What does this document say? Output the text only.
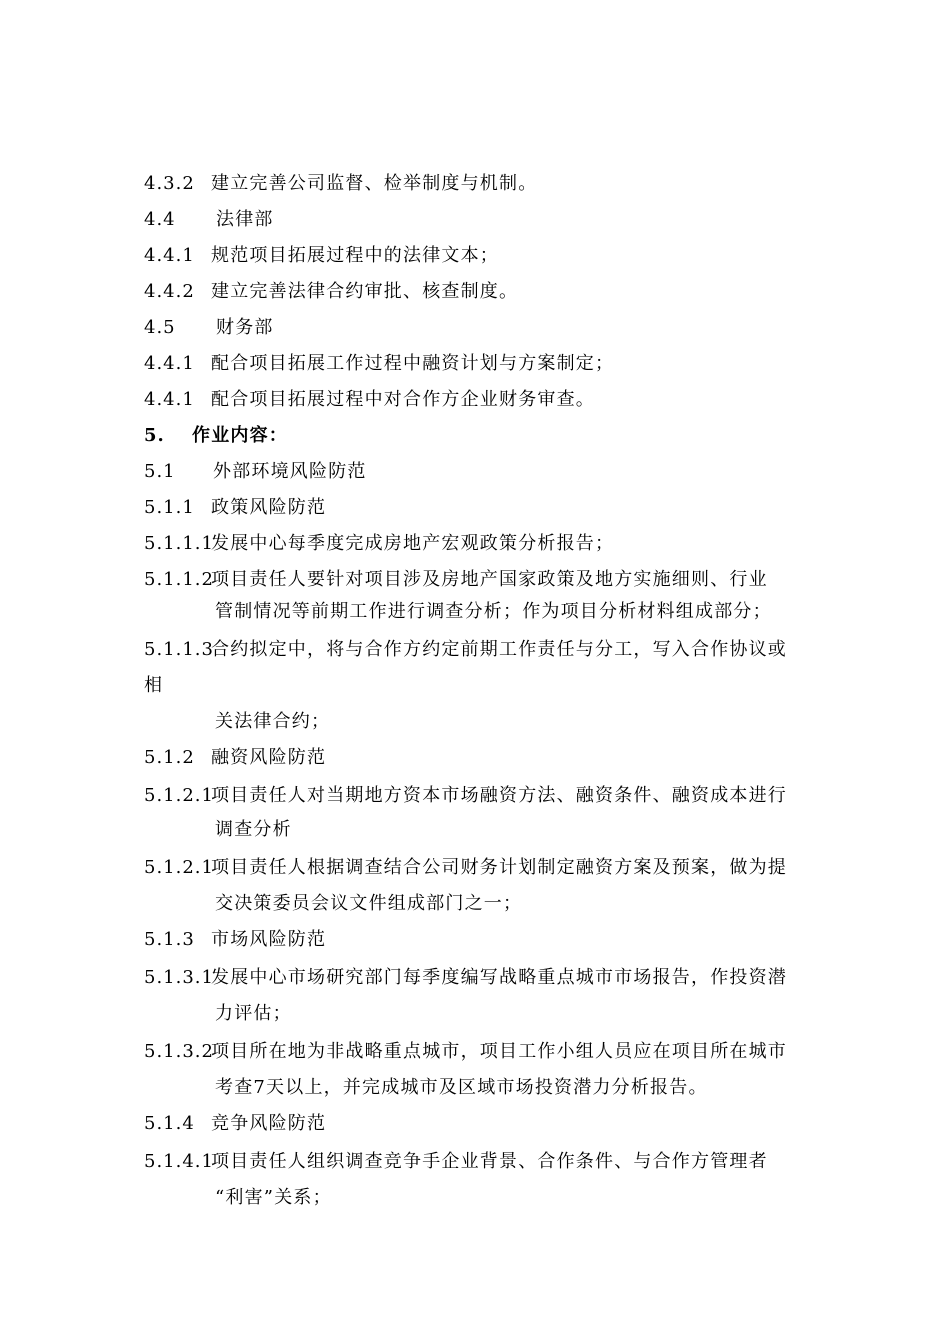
4.3.2 建立完善公司监督、检举制度与机制。
4.4 法律部
4.4.1 规范项目拓展过程中的法律文本；
4.4.2 建立完善法律合约审批、核查制度。
4.5 财务部
4.4.1 配合项目拓展工作过程中融资计划与方案制定；
4.4.1 配合项目拓展过程中对合作方企业财务审查。
5. 作业内容：
5.1 外部环境风险防范
5.1.1 政策风险防范
5.1.1.1发展中心每季度完成房地产宏观政策分析报告；
5.1.1.2项目责任人要针对项目涉及房地产国家政策及地方实施细则、行业
管制情况等前期工作进行调查分析；作为项目分析材料组成部分；
5.1.1.3合约拟定中，将与合作方约定前期工作责任与分工，写入合作协议或
相
关法律合约；
5.1.2 融资风险防范
5.1.2.1项目责任人对当期地方资本市场融资方法、融资条件、融资成本进行
调查分析
5.1.2.1项目责任人根据调查结合公司财务计划制定融资方案及预案，做为提
交决策委员会议文件组成部门之一；
5.1.3 市场风险防范
5.1.3.1发展中心市场研究部门每季度编写战略重点城市市场报告，作投资潜
力评估；
5.1.3.2项目所在地为非战略重点城市，项目工作小组人员应在项目所在城市
考查7天以上，并完成城市及区域市场投资潜力分析报告。
5.1.4 竞争风险防范
5.1.4.1项目责任人组织调查竞争手企业背景、合作条件、与合作方管理者
“利害”关系；
